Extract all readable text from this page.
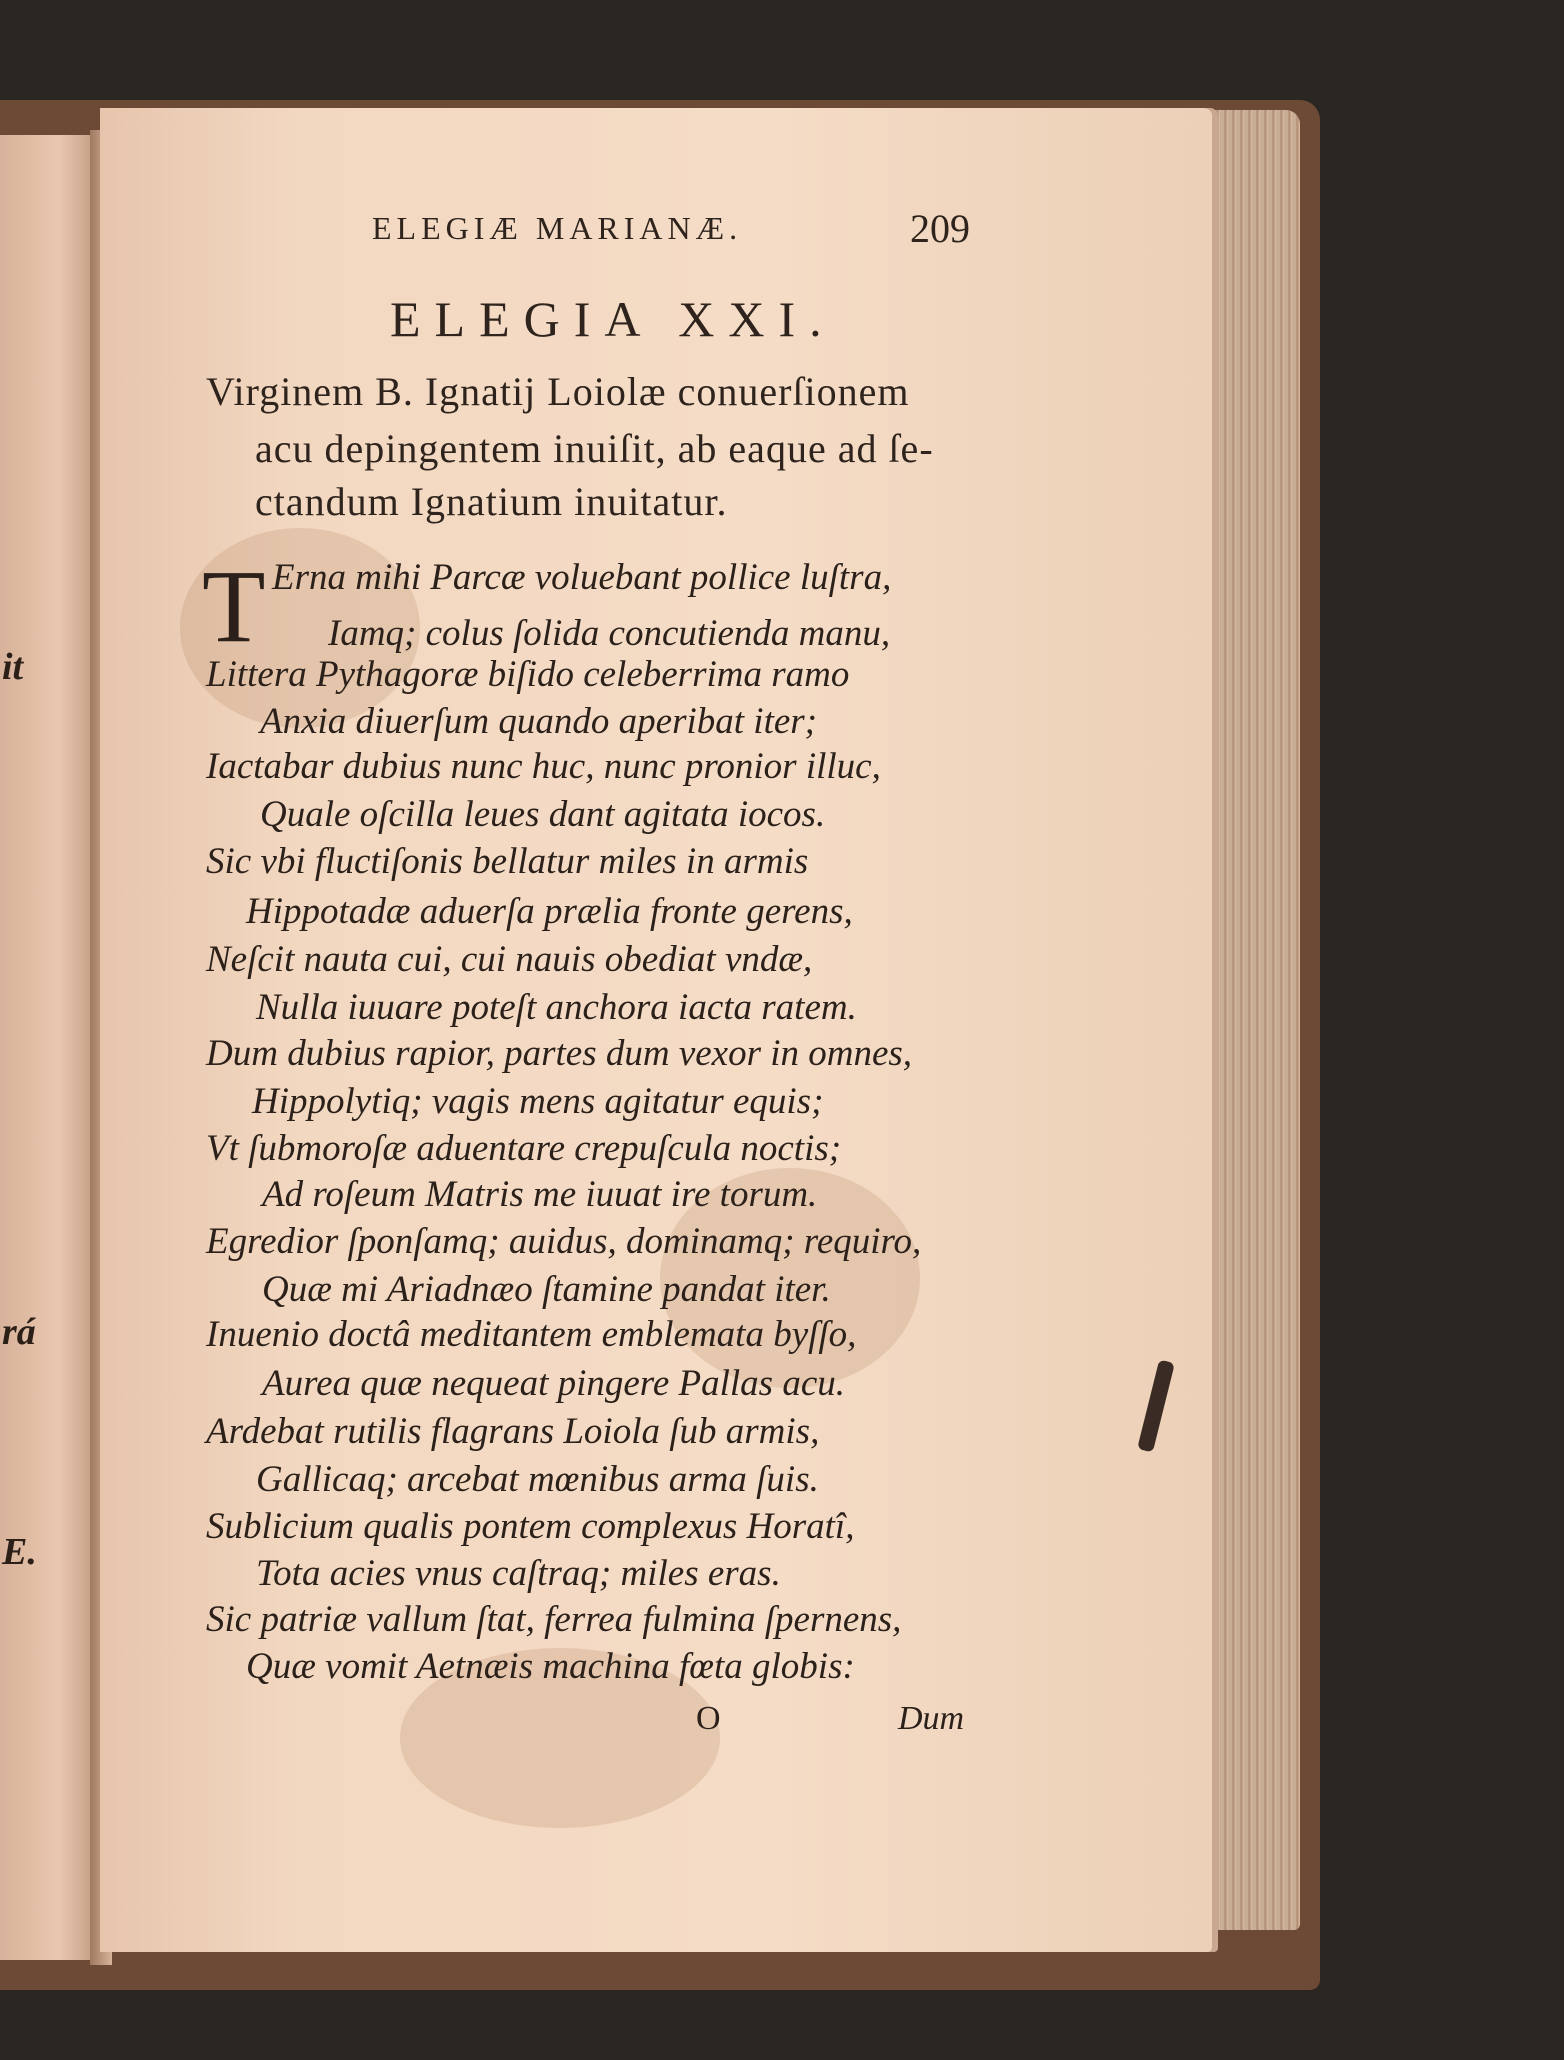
it
rá
E.
ELEGIÆ MARIANÆ.	209
ELEGIA XXI.
Virginem B. Ignatij Loiolæ conuerſionem
acu depingentem inuiſit, ab eaque ad ſe-
ctandum Ignatium inuitatur.
T Erna mihi Parcæ voluebant pollice luſtra,
Iamq; colus ſolida concutienda manu,
Littera Pythagoræ biſido celeberrima ramo
Anxia diuerſum quando aperibat iter;
Iactabar dubius nunc huc, nunc pronior illuc,
Quale oſcilla leues dant agitata iocos.
Sic vbi fluctiſonis bellatur miles in armis
Hippotadæ aduerſa prælia fronte gerens,
Neſcit nauta cui, cui nauis obediat vndæ,
Nulla iuuare poteſt anchora iacta ratem.
Dum dubius rapior, partes dum vexor in omnes,
Hippolytiq; vagis mens agitatur equis;
Vt ſubmoroſæ aduentare crepuſcula noctis;
Ad roſeum Matris me iuuat ire torum.
Egredior ſponſamq; auidus, dominamq; requiro,
Quæ mi Ariadnæo ſtamine pandat iter.
Inuenio doctâ meditantem emblemata byſſo,
Aurea quæ nequeat pingere Pallas acu.
Ardebat rutilis flagrans Loiola ſub armis,
Gallicaq; arcebat mœnibus arma ſuis.
Sublicium qualis pontem complexus Horatî,
Tota acies vnus caſtraq; miles eras.
Sic patriæ vallum ſtat, ferrea fulmina ſpernens,
Quæ vomit Aetnæis machina fœta globis:
O	Dum
